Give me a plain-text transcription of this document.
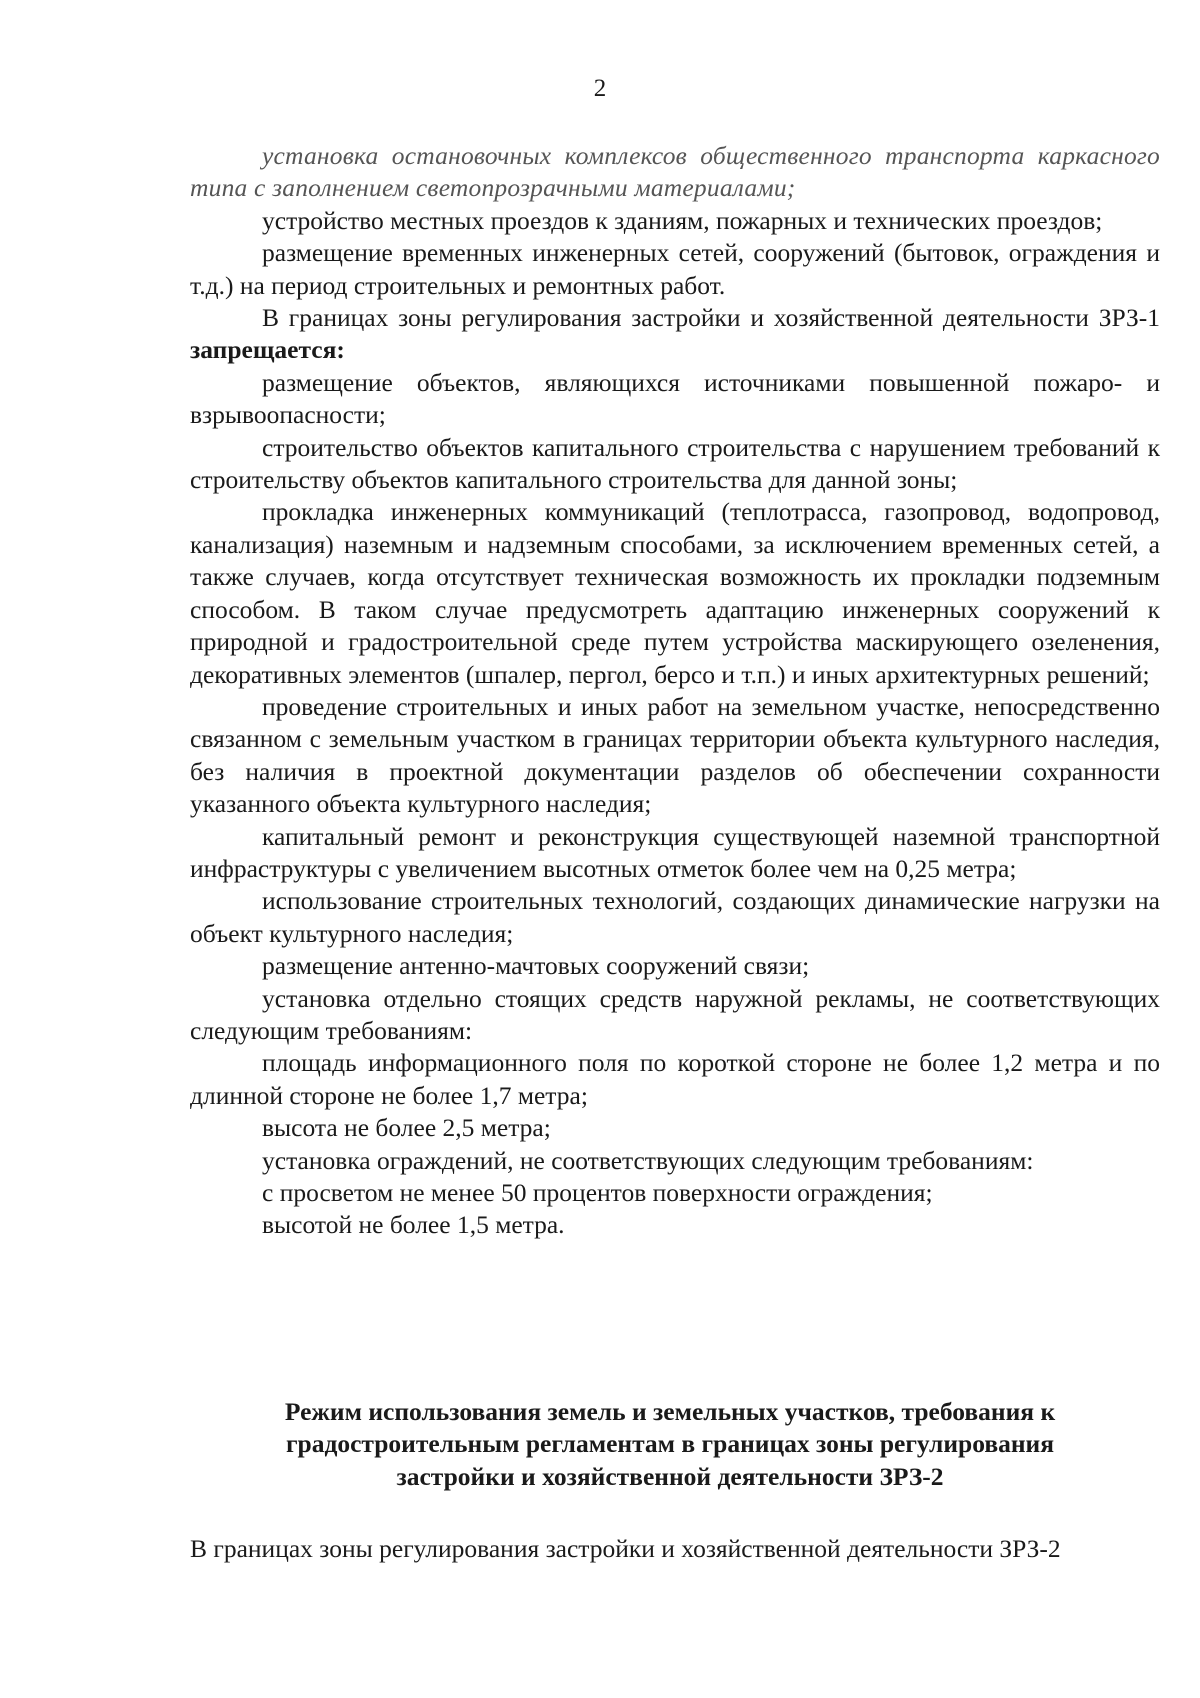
2

установка остановочных комплексов общественного транспорта каркасного типа с заполнением светопрозрачными материалами;

устройство местных проездов к зданиям, пожарных и технических проездов;

размещение временных инженерных сетей, сооружений (бытовок, ограждения и т.д.) на период строительных и ремонтных работ.

В границах зоны регулирования застройки и хозяйственной деятельности ЗРЗ-1 запрещается:

размещение объектов, являющихся источниками повышенной пожаро- и взрывоопасности;

строительство объектов капитального строительства с нарушением требований к строительству объектов капитального строительства для данной зоны;

прокладка инженерных коммуникаций (теплотрасса, газопровод, водопровод, канализация) наземным и надземным способами, за исключением временных сетей, а также случаев, когда отсутствует техническая возможность их прокладки подземным способом. В таком случае предусмотреть адаптацию инженерных сооружений к природной и градостроительной среде путем устройства маскирующего озеленения, декоративных элементов (шпалер, пергол, берсо и т.п.) и иных архитектурных решений;

проведение строительных и иных работ на земельном участке, непосредственно связанном с земельным участком в границах территории объекта культурного наследия, без наличия в проектной документации разделов об обеспечении сохранности указанного объекта культурного наследия;

капитальный ремонт и реконструкция существующей наземной транспортной инфраструктуры с увеличением высотных отметок более чем на 0,25 метра;

использование строительных технологий, создающих динамические нагрузки на объект культурного наследия;

размещение антенно-мачтовых сооружений связи;

установка отдельно стоящих средств наружной рекламы, не соответствующих следующим требованиям:

площадь информационного поля по короткой стороне не более 1,2 метра и по длинной стороне не более 1,7 метра;

высота не более 2,5 метра;

установка ограждений, не соответствующих следующим требованиям:

с просветом не менее 50 процентов поверхности ограждения;

высотой не более 1,5 метра.

Режим использования земель и земельных участков, требования к
градостроительным регламентам в границах зоны регулирования
застройки и хозяйственной деятельности ЗРЗ-2
В границах зоны регулирования застройки и хозяйственной деятельности ЗРЗ-2
